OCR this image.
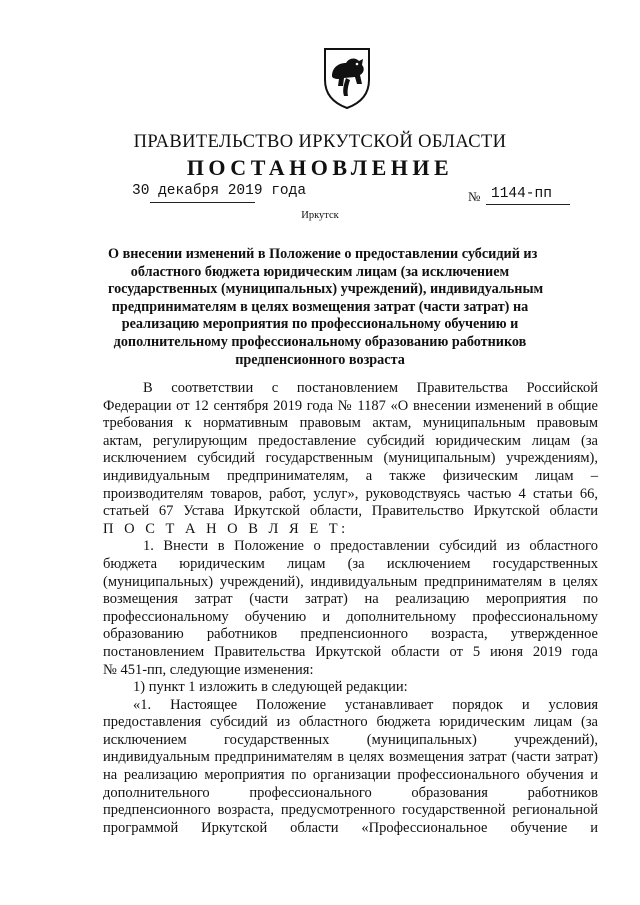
ПРАВИТЕЛЬСТВО ИРКУТСКОЙ ОБЛАСТИ
ПОСТАНОВЛЕНИЕ
30 декабря 2019 года	№ 1144-пп
Иркутск
О внесении изменений в Положение о предоставлении субсидий из
областного бюджета юридическим лицам (за исключением
государственных (муниципальных) учреждений), индивидуальным
предпринимателям в целях возмещения затрат (части затрат) на
реализацию мероприятия по профессиональному обучению и
дополнительному профессиональному образованию работников
предпенсионного возраста
В соответствии с постановлением Правительства Российской
Федерации от 12 сентября 2019 года № 1187 «О внесении изменений в общие
требования к нормативным правовым актам, муниципальным правовым
актам, регулирующим предоставление субсидий юридическим лицам (за
исключением субсидий государственным (муниципальным) учреждениям),
индивидуальным предпринимателям, а также физическим лицам –
производителям товаров, работ, услуг», руководствуясь частью 4 статьи 66,
статьей 67 Устава Иркутской области, Правительство Иркутской области
П О С Т А Н О В Л Я Е Т:
1. Внести в Положение о предоставлении субсидий из областного
бюджета юридическим лицам (за исключением государственных
(муниципальных) учреждений), индивидуальным предпринимателям в целях
возмещения затрат (части затрат) на реализацию мероприятия по
профессиональному обучению и дополнительному профессиональному
образованию работников предпенсионного возраста, утвержденное
постановлением Правительства Иркутской области от 5 июня 2019 года
№ 451-пп, следующие изменения:
1) пункт 1 изложить в следующей редакции:
«1. Настоящее Положение устанавливает порядок и условия
предоставления субсидий из областного бюджета юридическим лицам (за
исключением государственных (муниципальных) учреждений),
индивидуальным предпринимателям в целях возмещения затрат (части затрат)
на реализацию мероприятия по организации профессионального обучения и
дополнительного профессионального образования работников
предпенсионного возраста, предусмотренного государственной региональной
программой Иркутской области «Профессиональное обучение и
